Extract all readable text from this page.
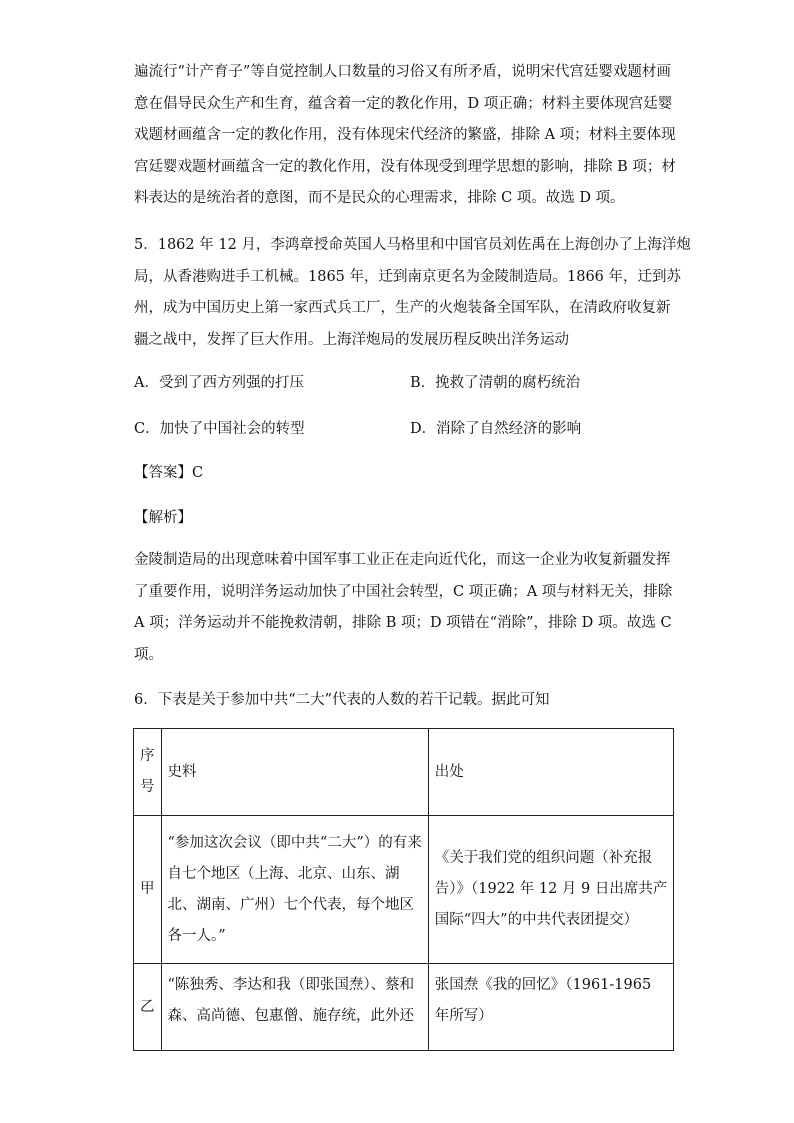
遍流行“计产育子”等自觉控制人口数量的习俗又有所矛盾，说明宋代宫廷婴戏题材画
意在倡导民众生产和生育，蕴含着一定的教化作用，D 项正确；材料主要体现宫廷婴
戏题材画蕴含一定的教化作用，没有体现宋代经济的繁盛，排除 A 项；材料主要体现
宫廷婴戏题材画蕴含一定的教化作用，没有体现受到理学思想的影响，排除 B 项；材
料表达的是统治者的意图，而不是民众的心理需求，排除 C 项。故选 D 项。
5．1862 年 12 月，李鸿章授命英国人马格里和中国官员刘佐禹在上海创办了上海洋炮
局，从香港购进手工机械。1865 年，迁到南京更名为金陵制造局。1866 年，迁到苏
州，成为中国历史上第一家西式兵工厂，生产的火炮装备全国军队，在清政府收复新
疆之战中，发挥了巨大作用。上海洋炮局的发展历程反映出洋务运动
A．受到了西方列强的打压	B．挽救了清朝的腐朽统治
C．加快了中国社会的转型	D．消除了自然经济的影响
【答案】C
【解析】
金陵制造局的出现意味着中国军事工业正在走向近代化，而这一企业为收复新疆发挥
了重要作用，说明洋务运动加快了中国社会转型，C 项正确；A 项与材料无关，排除
A 项；洋务运动并不能挽救清朝，排除 B 项；D 项错在“消除”，排除 D 项。故选 C
项。
6．下表是关于参加中共“二大”代表的人数的若干记载。据此可知
序
号	史料	出处
甲	“参加这次会议（即中共“二大”）的有来
自七个地区（上海、北京、山东、湖
北、湖南、广州）七个代表，每个地区
各一人。”	《关于我们党的组织问题（补充报
告）》（1922 年 12 月 9 日出席共产
国际“四大”的中共代表团提交）

乙	“陈独秀、李达和我（即张国焘）、蔡和
森、高尚德、包惠僧、施存统，此外还	张国焘《我的回忆》（1961-1965
年所写）
